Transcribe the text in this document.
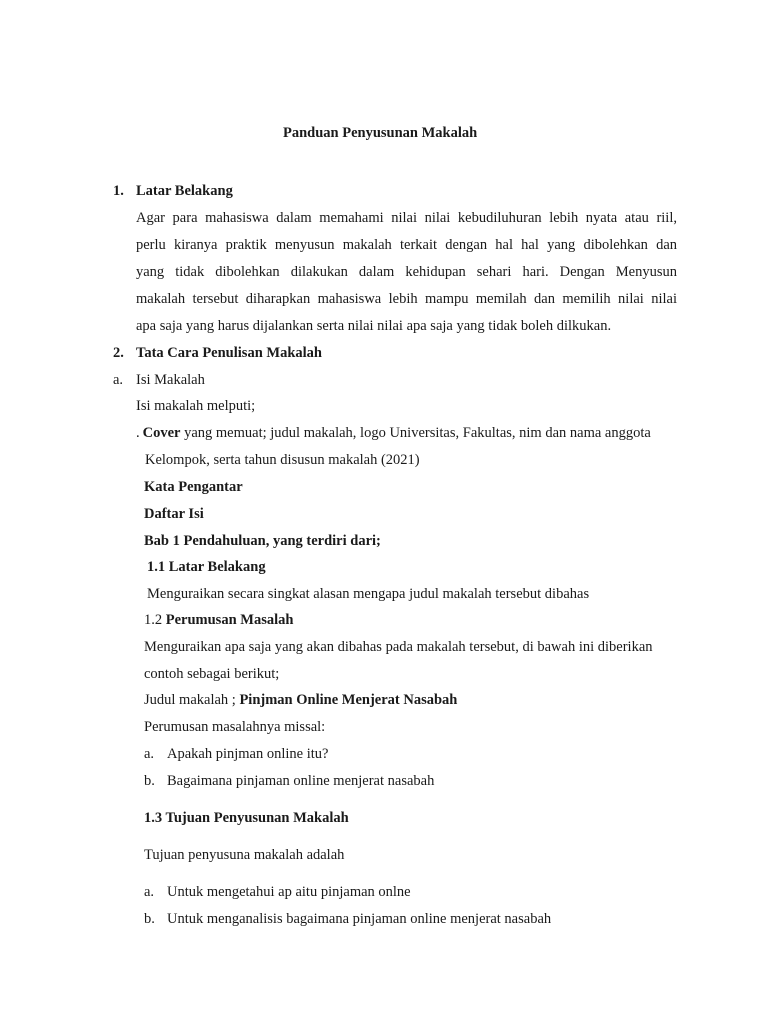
Panduan Penyusunan Makalah
1. Latar Belakang
Agar para mahasiswa dalam memahami nilai nilai kebudiluhuran lebih nyata atau riil,
perlu kiranya praktik menyusun makalah terkait dengan hal hal yang dibolehkan dan
yang tidak dibolehkan dilakukan dalam kehidupan sehari hari. Dengan Menyusun
makalah tersebut diharapkan mahasiswa lebih mampu memilah dan memilih nilai nilai
apa saja yang harus dijalankan serta nilai nilai apa saja yang tidak boleh dilkukan.
2. Tata Cara Penulisan Makalah
a. Isi Makalah
Isi makalah melputi;
. Cover yang memuat; judul makalah, logo Universitas, Fakultas, nim dan nama anggota
Kelompok, serta tahun disusun makalah (2021)
Kata Pengantar
Daftar Isi
Bab 1 Pendahuluan, yang terdiri dari;
1.1 Latar Belakang
Menguraikan secara singkat alasan mengapa judul makalah tersebut dibahas
1.2 Perumusan Masalah
Menguraikan apa saja yang akan dibahas pada makalah tersebut, di bawah ini diberikan
contoh sebagai berikut;
Judul makalah ; Pinjman Online Menjerat Nasabah
Perumusan masalahnya missal:
a. Apakah pinjman online itu?
b. Bagaimana pinjaman online menjerat nasabah
1.3 Tujuan Penyusunan Makalah
Tujuan penyusuna makalah adalah
a. Untuk mengetahui ap aitu pinjaman onlne
b. Untuk menganalisis bagaimana pinjaman online menjerat nasabah
